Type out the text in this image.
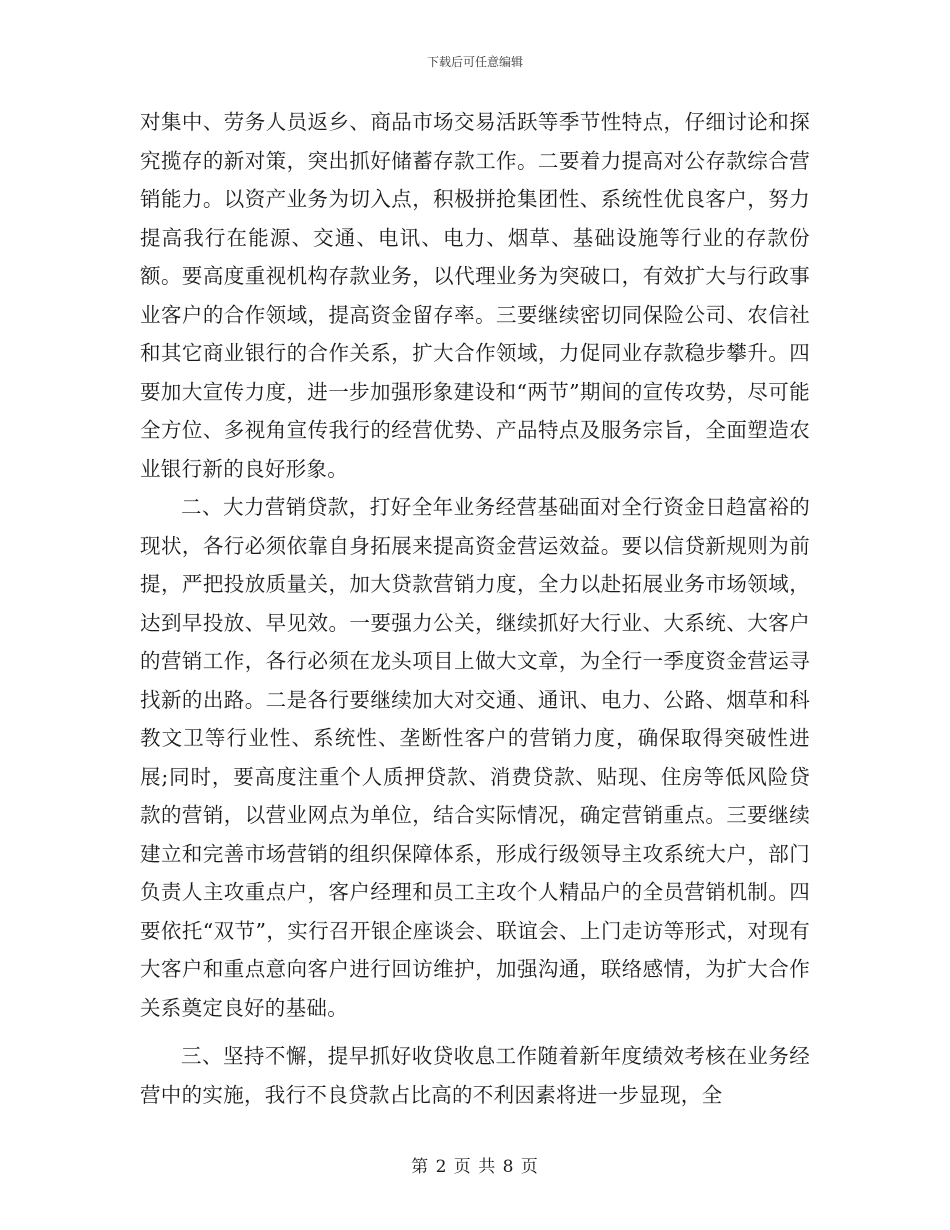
下载后可任意编辑

对集中、劳务人员返乡、商品市场交易活跃等季节性特点，仔细讨论和探究揽存的新对策，突出抓好储蓄存款工作。二要着力提高对公存款综合营销能力。以资产业务为切入点，积极拼抢集团性、系统性优良客户，努力提高我行在能源、交通、电讯、电力、烟草、基础设施等行业的存款份额。要高度重视机构存款业务，以代理业务为突破口，有效扩大与行政事业客户的合作领域，提高资金留存率。三要继续密切同保险公司、农信社和其它商业银行的合作关系，扩大合作领域，力促同业存款稳步攀升。四要加大宣传力度，进一步加强形象建设和“两节”期间的宣传攻势，尽可能全方位、多视角宣传我行的经营优势、产品特点及服务宗旨，全面塑造农业银行新的良好形象。

二、大力营销贷款，打好全年业务经营基础面对全行资金日趋富裕的现状，各行必须依靠自身拓展来提高资金营运效益。要以信贷新规则为前提，严把投放质量关，加大贷款营销力度，全力以赴拓展业务市场领域，达到早投放、早见效。一要强力公关，继续抓好大行业、大系统、大客户的营销工作，各行必须在龙头项目上做大文章，为全行一季度资金营运寻找新的出路。二是各行要继续加大对交通、通讯、电力、公路、烟草和科教文卫等行业性、系统性、垄断性客户的营销力度，确保取得突破性进展;同时，要高度注重个人质押贷款、消费贷款、贴现、住房等低风险贷款的营销，以营业网点为单位，结合实际情况，确定营销重点。三要继续建立和完善市场营销的组织保障体系，形成行级领导主攻系统大户，部门负责人主攻重点户，客户经理和员工主攻个人精品户的全员营销机制。四要依托“双节”，实行召开银企座谈会、联谊会、上门走访等形式，对现有大客户和重点意向客户进行回访维护，加强沟通，联络感情，为扩大合作关系奠定良好的基础。

三、坚持不懈，提早抓好收贷收息工作随着新年度绩效考核在业务经营中的实施，我行不良贷款占比高的不利因素将进一步显现，全

第 2 页 共 8 页
